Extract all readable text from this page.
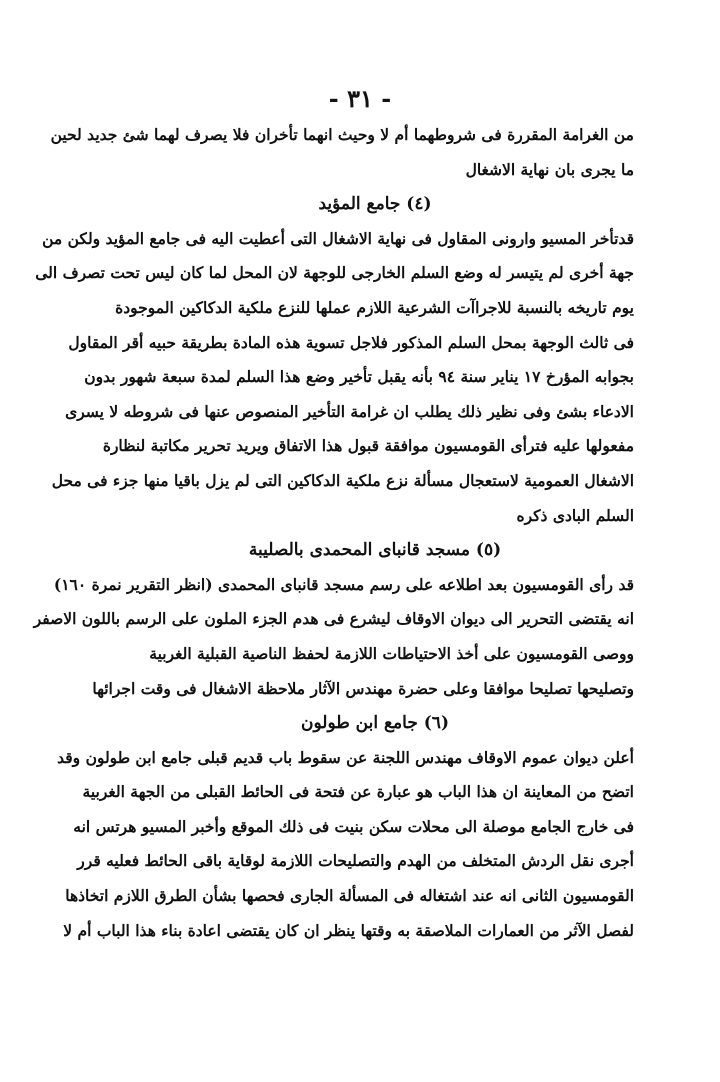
- ٣١ -
من الغرامة المقررة فى شروطهما أم لا وحيث انهما تأخران فلا يصرف لهما شئ جديد لحين
ما يجرى بان نهاية الاشغال
(٤) جامع المؤيد
قدتأخر المسيو وارونى المقاول فى نهاية الاشغال التى أعطيت اليه فى جامع المؤيد ولكن من
جهة أخرى لم يتيسر له وضع السلم الخارجى للوجهة لان المحل لما كان ليس تحت تصرف الى
يوم تاريخه بالنسبة للاجراآت الشرعية اللازم عملها للنزع ملكية الدكاكين الموجودة
فى ثالث الوجهة بمحل السلم المذكور فلاجل تسوية هذه المادة بطريقة حبيه أقر المقاول
بجوابه المؤرخ ١٧ يناير سنة ٩٤ بأنه يقبل تأخير وضع هذا السلم لمدة سبعة شهور بدون
الادعاء بشئ وفى نظير ذلك يطلب ان غرامة التأخير المنصوص عنها فى شروطه لا يسرى
مفعولها عليه فترأى القومسيون موافقة قبول هذا الاتفاق ويريد تحرير مكاتبة لنظارة
الاشغال العمومية لاستعجال مسألة نزع ملكية الدكاكين التى لم يزل باقيا منها جزء فى محل
السلم البادى ذكره
(٥) مسجد قانباى المحمدى بالصليبة
قد رأى القومسيون بعد اطلاعه على رسم مسجد قانباى المحمدى (انظر التقرير نمرة ١٦٠)
انه يقتضى التحرير الى ديوان الاوقاف ليشرع فى هدم الجزء الملون على الرسم باللون الاصفر
ووصى القومسيون على أخذ الاحتياطات اللازمة لحفظ الناصية القبلية الغربية
وتصليحها تصليحا موافقا وعلى حضرة مهندس الآثار ملاحظة الاشغال فى وقت اجرائها
(٦) جامع ابن طولون
أعلن ديوان عموم الاوقاف مهندس اللجنة عن سقوط باب قديم قبلى جامع ابن طولون وقد
اتضح من المعاينة ان هذا الباب هو عبارة عن فتحة فى الحائط القبلى من الجهة الغربية
فى خارج الجامع موصلة الى محلات سكن بنيت فى ذلك الموقع وأخبر المسيو هرتس انه
أجرى نقل الردش المتخلف من الهدم والتصليحات اللازمة لوقاية باقى الحائط فعليه قرر
القومسيون الثانى انه عند اشتغاله فى المسألة الجارى فحصها بشأن الطرق اللازم اتخاذها
لفصل الآثر من العمارات الملاصقة به وقتها ينظر ان كان يقتضى اعادة بناء هذا الباب أم لا
